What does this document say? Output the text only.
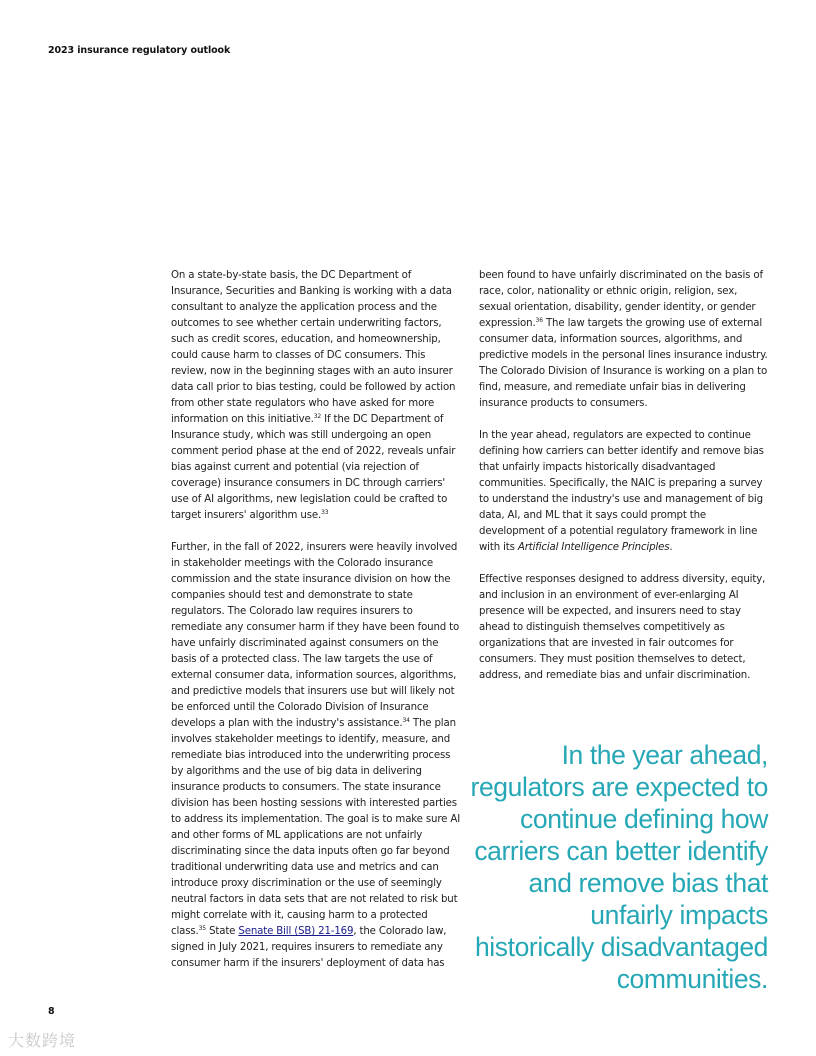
2023 insurance regulatory outlook

On a state-by-state basis, the DC Department of Insurance, Securities and Banking is working with a data consultant to analyze the application process and the outcomes to see whether certain underwriting factors, such as credit scores, education, and homeownership, could cause harm to classes of DC consumers. This review, now in the beginning stages with an auto insurer data call prior to bias testing, could be followed by action from other state regulators who have asked for more information on this initiative.$^{32}$ If the DC Department of Insurance study, which was still undergoing an open comment period phase at the end of 2022, reveals unfair bias against current and potential (via rejection of coverage) insurance consumers in DC through carriers' use of AI algorithms, new legislation could be crafted to target insurers' algorithm use.$^{33}$

Further, in the fall of 2022, insurers were heavily involved in stakeholder meetings with the Colorado insurance commission and the state insurance division on how the companies should test and demonstrate to state regulators. The Colorado law requires insurers to remediate any consumer harm if they have been found to have unfairly discriminated against consumers on the basis of a protected class. The law targets the use of external consumer data, information sources, algorithms, and predictive models that insurers use but will likely not be enforced until the Colorado Division of Insurance develops a plan with the industry's assistance.$^{34}$ The plan involves stakeholder meetings to identify, measure, and remediate bias introduced into the underwriting process by algorithms and the use of big data in delivering insurance products to consumers. The state insurance division has been hosting sessions with interested parties to address its implementation. The goal is to make sure AI and other forms of ML applications are not unfairly discriminating since the data inputs often go far beyond traditional underwriting data use and metrics and can introduce proxy discrimination or the use of seemingly neutral factors in data sets that are not related to risk but might correlate with it, causing harm to a protected class.$^{35}$ State Senate Bill (SB) 21-169, the Colorado law, signed in July 2021, requires insurers to remediate any consumer harm if the insurers' deployment of data has

been found to have unfairly discriminated on the basis of race, color, nationality or ethnic origin, religion, sex, sexual orientation, disability, gender identity, or gender expression.$^{36}$ The law targets the growing use of external consumer data, information sources, algorithms, and predictive models in the personal lines insurance industry. The Colorado Division of Insurance is working on a plan to find, measure, and remediate unfair bias in delivering insurance products to consumers.

In the year ahead, regulators are expected to continue defining how carriers can better identify and remove bias that unfairly impacts historically disadvantaged communities. Specifically, the NAIC is preparing a survey to understand the industry's use and management of big data, AI, and ML that it says could prompt the development of a potential regulatory framework in line with its Artificial Intelligence Principles.

Effective responses designed to address diversity, equity, and inclusion in an environment of ever-enlarging AI presence will be expected, and insurers need to stay ahead to distinguish themselves competitively as organizations that are invested in fair outcomes for consumers. They must position themselves to detect, address, and remediate bias and unfair discrimination.

In the year ahead, regulators are expected to continue defining how carriers can better identify and remove bias that unfairly impacts historically disadvantaged communities.
8
大数跨境
